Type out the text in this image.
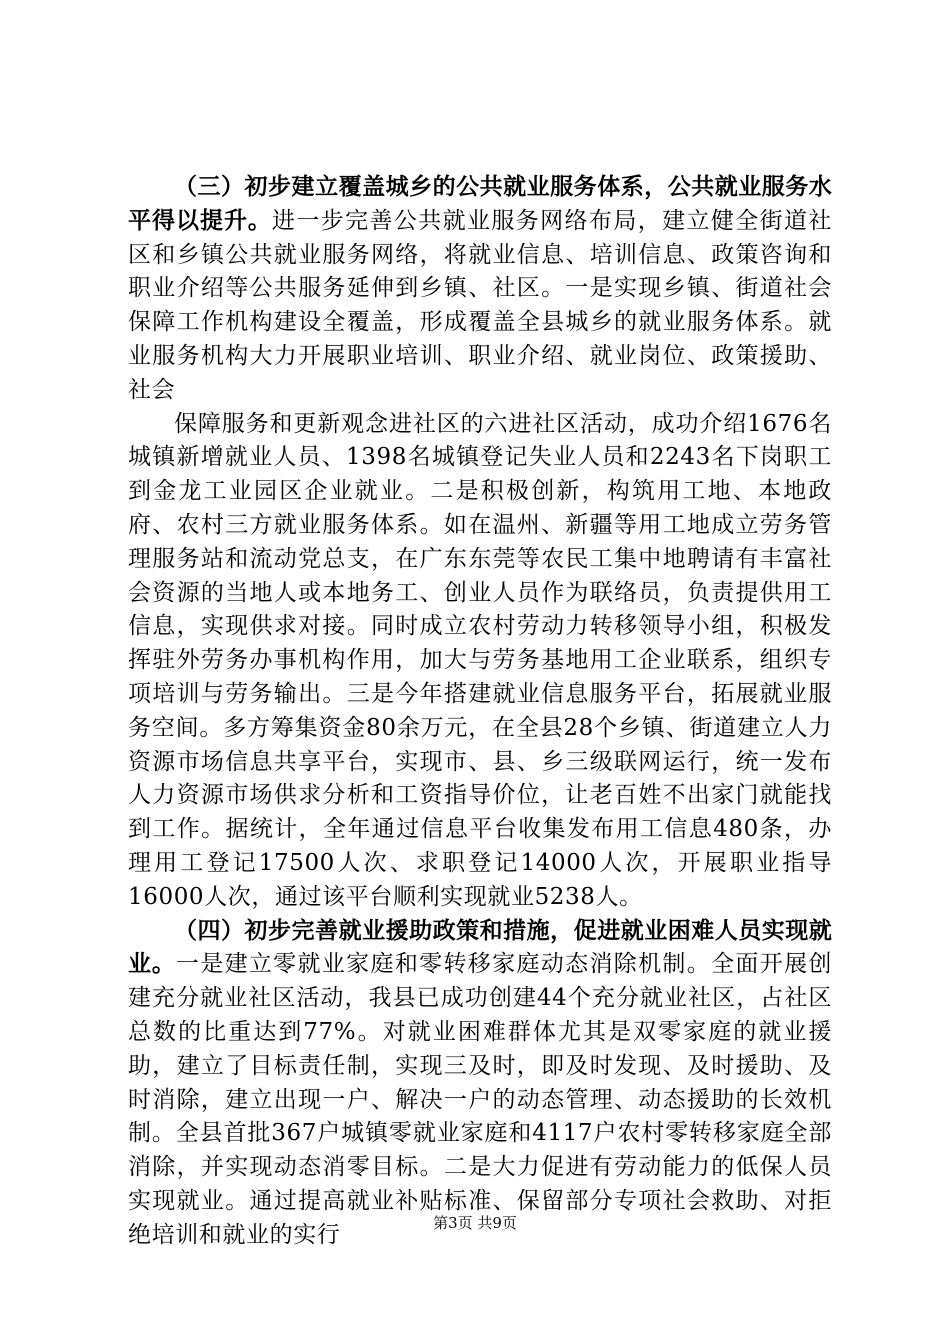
（三）初步建立覆盖城乡的公共就业服务体系，公共就业服务水平得以提升。进一步完善公共就业服务网络布局，建立健全街道社区和乡镇公共就业服务网络，将就业信息、培训信息、政策咨询和职业介绍等公共服务延伸到乡镇、社区。一是实现乡镇、街道社会保障工作机构建设全覆盖，形成覆盖全县城乡的就业服务体系。就业服务机构大力开展职业培训、职业介绍、就业岗位、政策援助、社会

保障服务和更新观念进社区的六进社区活动，成功介绍1676名城镇新增就业人员、1398名城镇登记失业人员和2243名下岗职工到金龙工业园区企业就业。二是积极创新，构筑用工地、本地政府、农村三方就业服务体系。如在温州、新疆等用工地成立劳务管理服务站和流动党总支，在广东东莞等农民工集中地聘请有丰富社会资源的当地人或本地务工、创业人员作为联络员，负责提供用工信息，实现供求对接。同时成立农村劳动力转移领导小组，积极发挥驻外劳务办事机构作用，加大与劳务基地用工企业联系，组织专项培训与劳务输出。三是今年搭建就业信息服务平台，拓展就业服务空间。多方筹集资金80余万元，在全县28个乡镇、街道建立人力资源市场信息共享平台，实现市、县、乡三级联网运行，统一发布人力资源市场供求分析和工资指导价位，让老百姓不出家门就能找到工作。据统计，全年通过信息平台收集发布用工信息480条，办理用工登记17500人次、求职登记14000人次，开展职业指导16000人次，通过该平台顺利实现就业5238人。

（四）初步完善就业援助政策和措施，促进就业困难人员实现就业。一是建立零就业家庭和零转移家庭动态消除机制。全面开展创建充分就业社区活动，我县已成功创建44个充分就业社区，占社区总数的比重达到77%。对就业困难群体尤其是双零家庭的就业援助，建立了目标责任制，实现三及时，即及时发现、及时援助、及时消除，建立出现一户、解决一户的动态管理、动态援助的长效机制。全县首批367户城镇零就业家庭和4117户农村零转移家庭全部消除，并实现动态消零目标。二是大力促进有劳动能力的低保人员实现就业。通过提高就业补贴标准、保留部分专项社会救助、对拒绝培训和就业的实行	第3页 共9页
